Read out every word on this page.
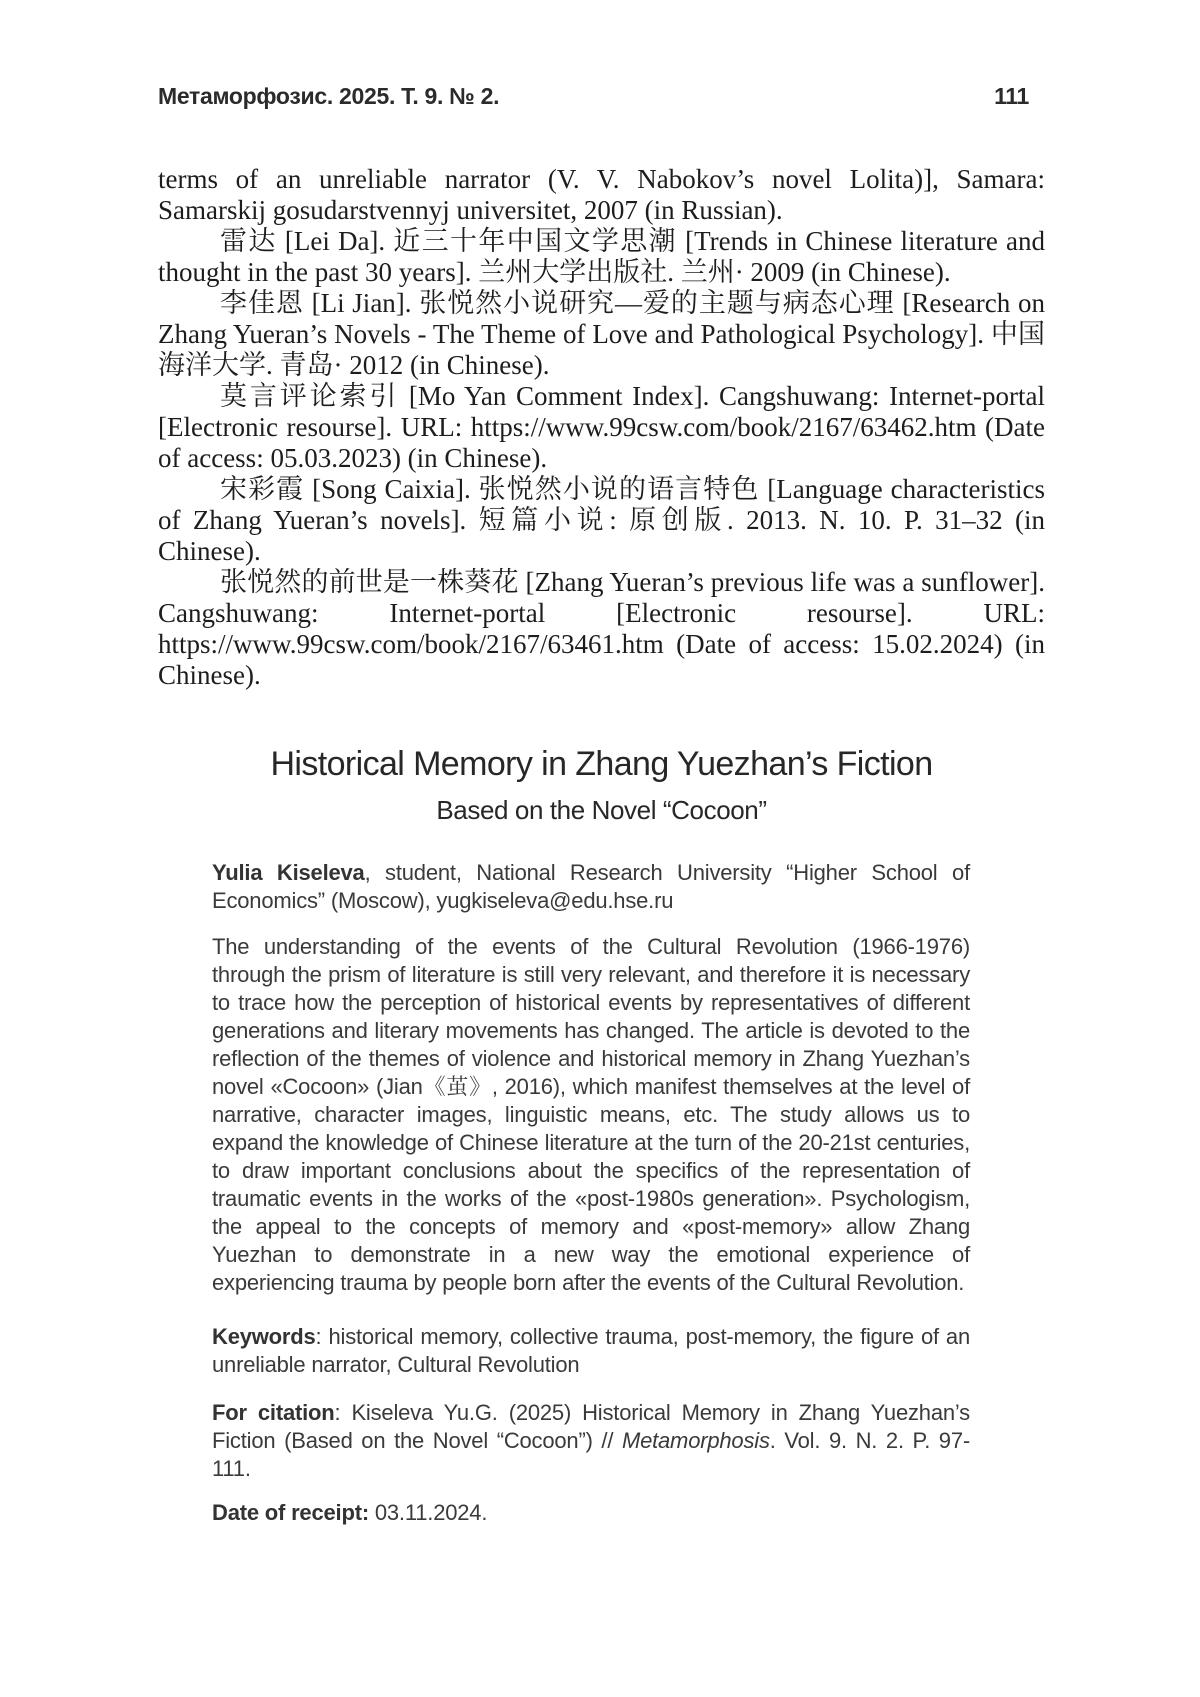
Метаморфозис. 2025. Т. 9. № 2.	111

terms of an unreliable narrator (V. V. Nabokov’s novel Lolita)], Samara: Samarskij gosudarstvennyj universitet, 2007 (in Russian).

雷达 [Lei Da]. 近三十年中国文学思潮 [Trends in Chinese literature and thought in the past 30 years]. 兰州大学出版社. 兰州· 2009 (in Chinese).

李佳恩 [Li Jian]. 张悦然小说研究—爱的主题与病态心理 [Research on Zhang Yueran’s Novels - The Theme of Love and Pathological Psychology]. 中国海洋大学. 青岛· 2012 (in Chinese).

莫言评论索引 [Mo Yan Comment Index]. Cangshuwang: Internet-portal [Electronic resourse]. URL: https://www.99csw.com/book/2167/63462.htm (Date of access: 05.03.2023) (in Chinese).

宋彩霞 [Song Caixia]. 张悦然小说的语言特色 [Language characteristics of Zhang Yueran’s novels]. 短篇小说: 原创版. 2013. N. 10. P. 31–32 (in Chinese).

张悦然的前世是一株葵花 [Zhang Yueran’s previous life was a sunflower]. Cangshuwang: Internet-portal [Electronic resourse]. URL: https://www.99csw.com/book/2167/63461.htm (Date of access: 15.02.2024) (in Chinese).

Historical Memory in Zhang Yuezhan’s Fiction
Based on the Novel “Cocoon”

Yulia Kiseleva, student, National Research University “Higher School of Economics” (Moscow), yugkiseleva@edu.hse.ru

The understanding of the events of the Cultural Revolution (1966-1976) through the prism of literature is still very relevant, and therefore it is necessary to trace how the perception of historical events by representatives of different generations and literary movements has changed. The article is devoted to the reflection of the themes of violence and historical memory in Zhang Yuezhan’s novel «Cocoon» (Jian《茧》, 2016), which manifest themselves at the level of narrative, character images, linguistic means, etc. The study allows us to expand the knowledge of Chinese literature at the turn of the 20-21st centuries, to draw important conclusions about the specifics of the representation of traumatic events in the works of the «post-1980s generation». Psychologism, the appeal to the concepts of memory and «post-memory» allow Zhang Yuezhan to demonstrate in a new way the emotional experience of experiencing trauma by people born after the events of the Cultural Revolution.

Keywords: historical memory, collective trauma, post-memory, the figure of an unreliable narrator, Cultural Revolution

For citation: Kiseleva Yu.G. (2025) Historical Memory in Zhang Yuezhan’s Fiction (Based on the Novel “Cocoon”) // Metamorphosis. Vol. 9. N. 2. P. 97-111.

Date of receipt: 03.11.2024.
